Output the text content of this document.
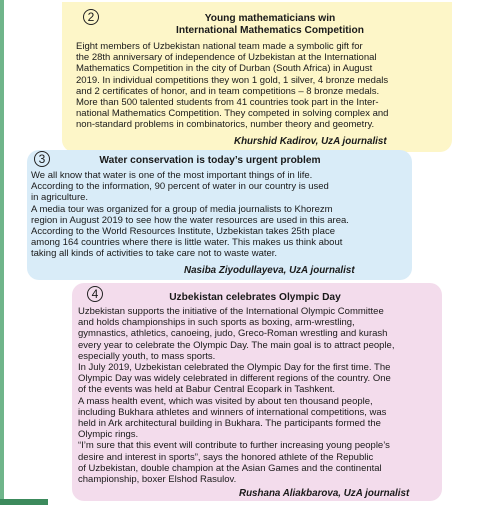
2	Young mathematicians win
International Mathematics Competition
Eight members of Uzbekistan national team made a symbolic gift for
the 28th anniversary of independence of Uzbekistan at the International
Mathematics Competition in the city of Durban (South Africa) in August
2019. In individual competitions they won 1 gold, 1 silver, 4 bronze medals
and 2 certificates of honor, and in team competitions – 8 bronze medals.
More than 500 talented students from 41 countries took part in the Inter-
national Mathematics Competition. They competed in solving complex and
non-standard problems in combinatorics, number theory and geometry.
Khurshid Kadirov, UzA journalist
3	Water conservation is today’s urgent problem
We all know that water is one of the most important things of in life.
According to the information, 90 percent of water in our country is used
in agriculture.
A media tour was organized for a group of media journalists to Khorezm
region in August 2019 to see how the water resources are used in this area.
According to the World Resources Institute, Uzbekistan takes 25th place
among 164 countries where there is little water. This makes us think about
taking all kinds of activities to take care not to waste water.
Nasiba Ziyodullayeva, UzA journalist
4	Uzbekistan celebrates Olympic Day
Uzbekistan supports the initiative of the International Olympic Committee
and holds championships in such sports as boxing, arm-wrestling,
gymnastics, athletics, canoeing, judo, Greco-Roman wrestling and kurash
every year to celebrate the Olympic Day. The main goal is to attract people,
especially youth, to mass sports.
In July 2019, Uzbekistan celebrated the Olympic Day for the first time. The
Olympic Day was widely celebrated in different regions of the country. One
of the events was held at Babur Central Ecopark in Tashkent.
A mass health event, which was visited by about ten thousand people,
including Bukhara athletes and winners of international competitions, was
held in Ark architectural building in Bukhara. The participants formed the
Olympic rings.
“I’m sure that this event will contribute to further increasing young people’s
desire and interest in sports”, says the honored athlete of the Republic
of Uzbekistan, double champion at the Asian Games and the continental
championship, boxer Elshod Rasulov.
Rushana Aliakbarova, UzA journalist
